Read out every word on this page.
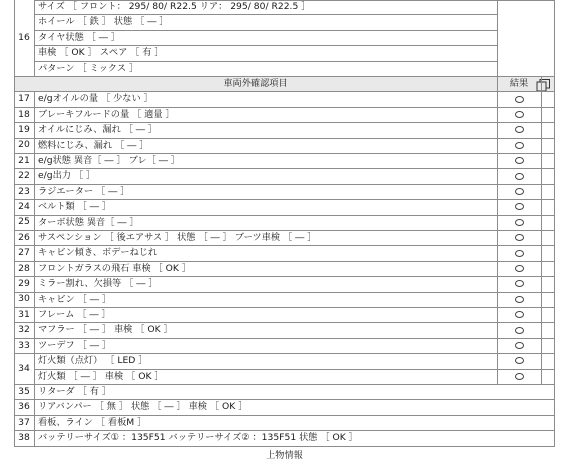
サイズ ［ フロント： 295/ 80/ R22.5 リア： 295/ 80/ R22.5 ］
ホイール ［ 鉄 ］ 状態 ［ ― ］
タイヤ状態 ［ ― ］
車検 ［ OK ］ スペア ［ 有 ］
パターン ［ ミックス ］
16
車両外確認項目	結果
17 e/gオイルの量 ［ 少ない ］
18 ブレーキフルードの量 ［ 適量 ］
19 オイルにじみ、漏れ ［ ― ］
20 燃料にじみ、漏れ ［ ― ］
21 e/g状態 異音［ ― ］ ブレ［ ― ］
22 e/g出力 ［ ］
23 ラジエーター ［ ― ］
24 ベルト類 ［ ― ］
25 ターボ状態 異音［ ― ］
26 サスペンション ［ 後エアサス ］ 状態 ［ ― ］ ブーツ車検 ［ ― ］
27 キャビン傾き、ボデーねじれ
28 フロントガラスの飛石 車検 ［ OK ］
29 ミラー割れ、欠損等 ［ ― ］
30 キャビン ［ ― ］
31 フレーム ［ ― ］
32 マフラー ［ ― ］ 車検 ［ OK ］
33 ツーデフ ［ ― ］
灯火類（点灯） ［ LED ］
灯火類 ［ ― ］ 車検 ［ OK ］
34
35 リターダ ［ 有 ］
36 リアバンパー ［ 無 ］ 状態 ［ ― ］ 車検 ［ OK ］
37 看板、ライン ［ 看板M ］
38 バッテリーサイズ① ：135F51 バッテリーサイズ② ：135F51 状態 ［ OK ］
上物情報
